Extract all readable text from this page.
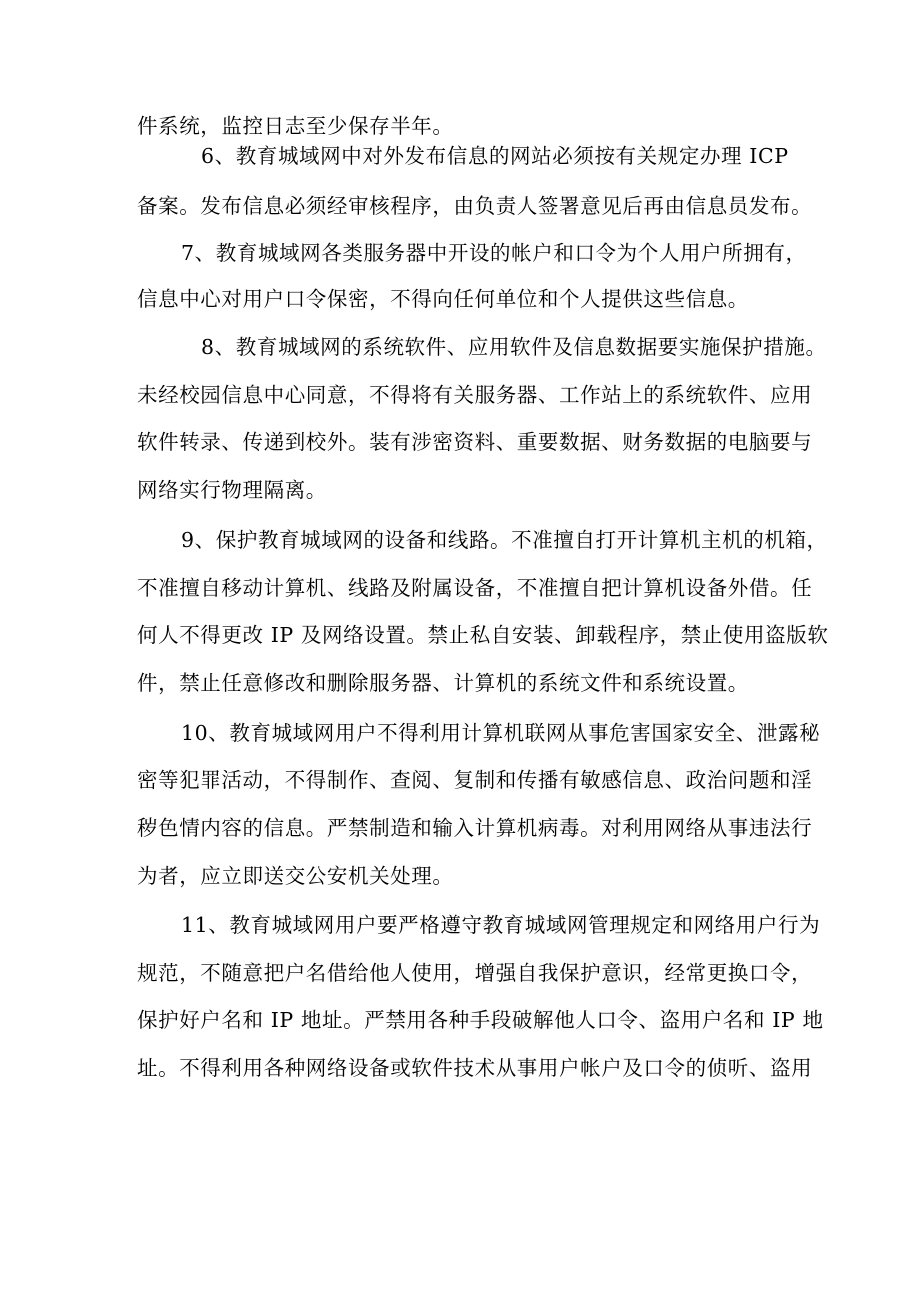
件系统，监控日志至少保存半年。
6、教育城域网中对外发布信息的网站必须按有关规定办理 ICP
备案。发布信息必须经审核程序，由负责人签署意见后再由信息员发布。
7、教育城域网各类服务器中开设的帐户和口令为个人用户所拥有，
信息中心对用户口令保密，不得向任何单位和个人提供这些信息。
8、教育城域网的系统软件、应用软件及信息数据要实施保护措施。
未经校园信息中心同意，不得将有关服务器、工作站上的系统软件、应用
软件转录、传递到校外。装有涉密资料、重要数据、财务数据的电脑要与
网络实行物理隔离。
9、保护教育城域网的设备和线路。不准擅自打开计算机主机的机箱，
不准擅自移动计算机、线路及附属设备，不准擅自把计算机设备外借。任
何人不得更改 IP 及网络设置。禁止私自安装、卸载程序，禁止使用盗版软
件，禁止任意修改和删除服务器、计算机的系统文件和系统设置。
10、教育城域网用户不得利用计算机联网从事危害国家安全、泄露秘
密等犯罪活动，不得制作、查阅、复制和传播有敏感信息、政治问题和淫
秽色情内容的信息。严禁制造和输入计算机病毒。对利用网络从事违法行
为者，应立即送交公安机关处理。
11、教育城域网用户要严格遵守教育城域网管理规定和网络用户行为
规范，不随意把户名借给他人使用，增强自我保护意识，经常更换口令，
保护好户名和 IP 地址。严禁用各种手段破解他人口令、盗用户名和 IP 地
址。不得利用各种网络设备或软件技术从事用户帐户及口令的侦听、盗用
